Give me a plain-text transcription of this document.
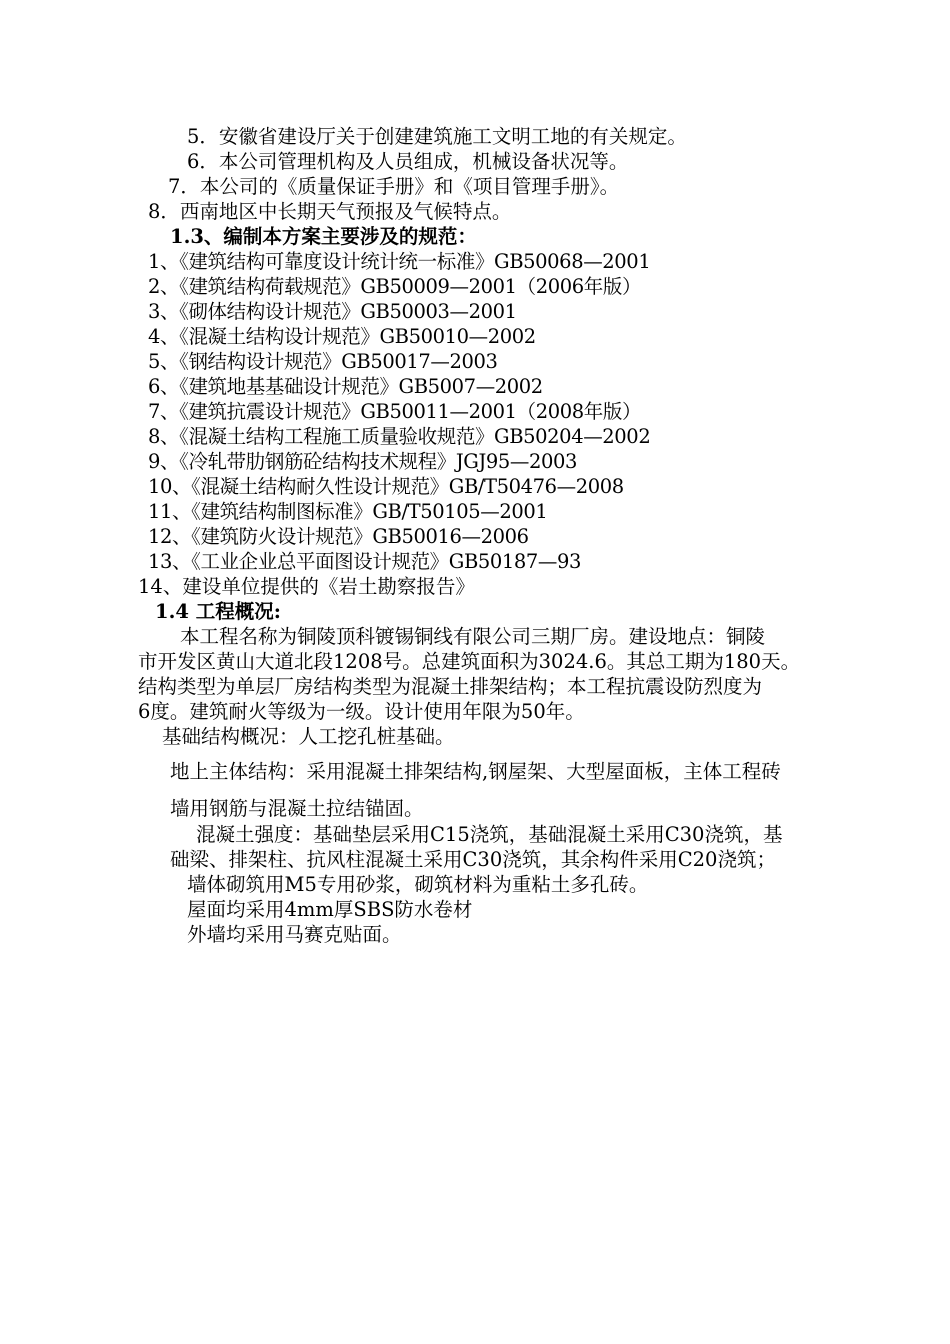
5．安徽省建设厅关于创建建筑施工文明工地的有关规定。
6．本公司管理机构及人员组成，机械设备状况等。
7．本公司的《质量保证手册》和《项目管理手册》。
8．西南地区中长期天气预报及气候特点。
1.3、编制本方案主要涉及的规范：
1、《建筑结构可靠度设计统计统一标准》GB50068—2001
2、《建筑结构荷载规范》GB50009—2001（2006年版）
3、《砌体结构设计规范》GB50003—2001
4、《混凝土结构设计规范》GB50010—2002
5、《钢结构设计规范》GB50017—2003
6、《建筑地基基础设计规范》GB5007—2002
7、《建筑抗震设计规范》GB50011—2001（2008年版）
8、《混凝土结构工程施工质量验收规范》GB50204—2002
9、《冷轧带肋钢筋砼结构技术规程》JGJ95—2003
10、《混凝土结构耐久性设计规范》GB/T50476—2008
11、《建筑结构制图标准》GB/T50105—2001
12、《建筑防火设计规范》GB50016—2006
13、《工业企业总平面图设计规范》GB50187—93
14、建设单位提供的《岩土勘察报告》
1.4 工程概况:
本工程名称为铜陵顶科镀锡铜线有限公司三期厂房。建设地点：铜陵
市开发区黄山大道北段1208号。总建筑面积为3024.6。其总工期为180天。
结构类型为单层厂房结构类型为混凝土排架结构；本工程抗震设防烈度为
6度。建筑耐火等级为一级。设计使用年限为50年。
基础结构概况：人工挖孔桩基础。
地上主体结构：采用混凝土排架结构,钢屋架、大型屋面板，主体工程砖
墙用钢筋与混凝土拉结锚固。
混凝土强度：基础垫层采用C15浇筑，基础混凝土采用C30浇筑，基
础梁、排架柱、抗风柱混凝土采用C30浇筑，其余构件采用C20浇筑；
墙体砌筑用M5专用砂浆，砌筑材料为重粘土多孔砖。
屋面均采用4mm厚SBS防水卷材
外墙均采用马赛克贴面。
